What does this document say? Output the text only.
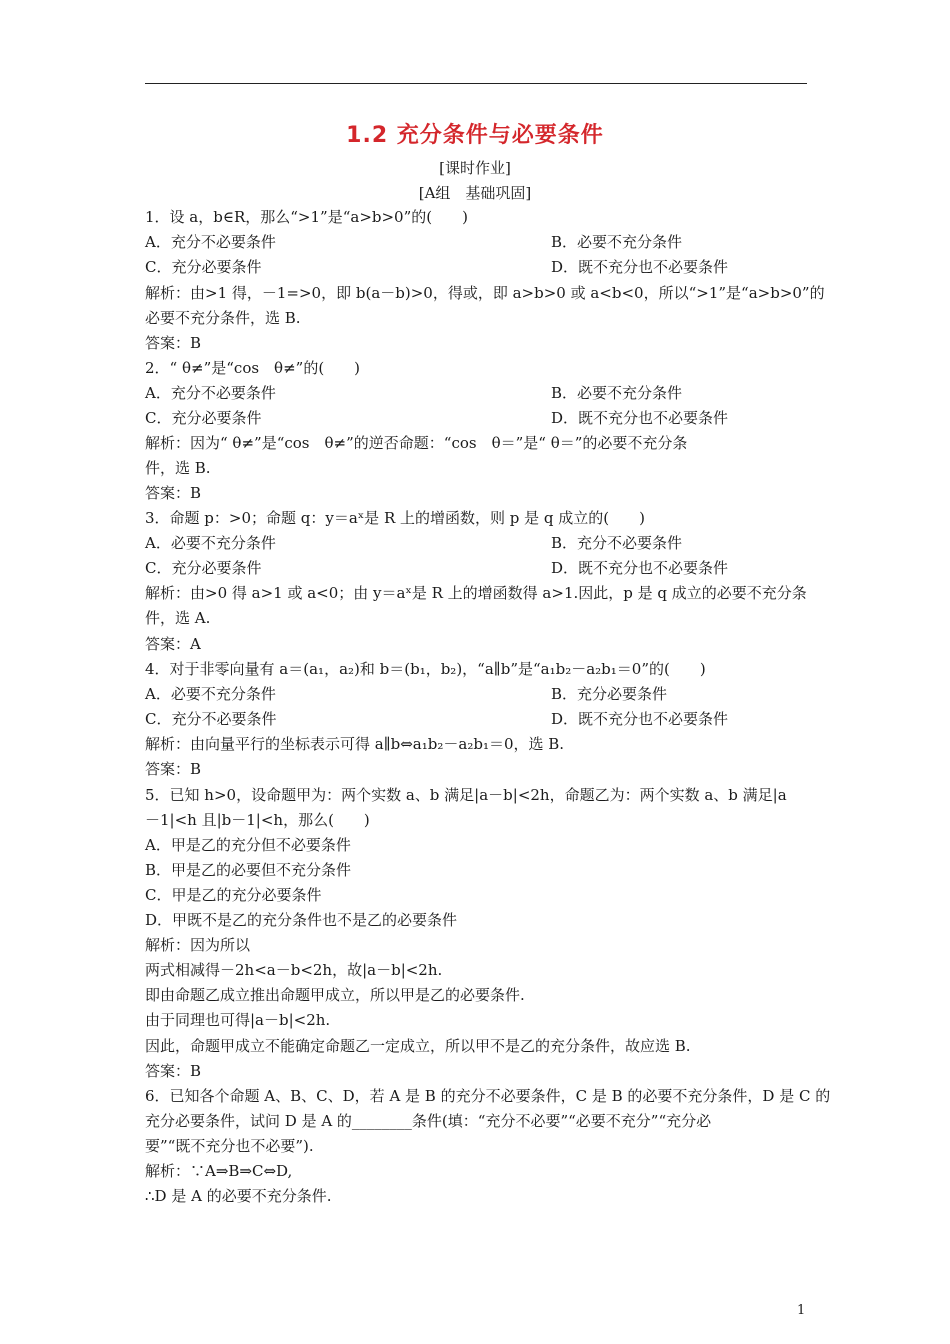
1.2 充分条件与必要条件
[课时作业]
[A组　基础巩固]
1．设 a，b∈R，那么“>1”是“a>b>0”的(　　)
A．充分不必要条件	B．必要不充分条件
C．充分必要条件	D．既不充分也不必要条件
解析：由>1 得，－1=>0，即 b(a－b)>0，得或，即 a>b>0 或 a<b<0，所以“>1”是“a>b>0”的
必要不充分条件，选 B.
答案：B
2．“ θ≠”是“cos　θ≠”的(　　)
A．充分不必要条件	B．必要不充分条件
C．充分必要条件	D．既不充分也不必要条件
解析：因为“ θ≠”是“cos　θ≠”的逆否命题：“cos　θ＝”是“ θ＝”的必要不充分条
件，选 B.
答案：B
3．命题 p：>0；命题 q：y＝aˣ是 R 上的增函数，则 p 是 q 成立的(　　)
A．必要不充分条件	B．充分不必要条件
C．充分必要条件	D．既不充分也不必要条件
解析：由>0 得 a>1 或 a<0；由 y＝aˣ是 R 上的增函数得 a>1.因此，p 是 q 成立的必要不充分条
件，选 A.
答案：A
4．对于非零向量有 a＝(a₁，a₂)和 b＝(b₁，b₂)，“a∥b”是“a₁b₂－a₂b₁＝0”的(　　)
A．必要不充分条件	B．充分必要条件
C．充分不必要条件	D．既不充分也不必要条件
解析：由向量平行的坐标表示可得 a∥b⇔a₁b₂－a₂b₁＝0，选 B.
答案：B
5．已知 h>0，设命题甲为：两个实数 a、b 满足|a－b|<2h，命题乙为：两个实数 a、b 满足|a
－1|<h 且|b－1|<h，那么(　　)
A．甲是乙的充分但不必要条件
B．甲是乙的必要但不充分条件
C．甲是乙的充分必要条件
D．甲既不是乙的充分条件也不是乙的必要条件
解析：因为所以
两式相减得－2h<a－b<2h，故|a－b|<2h.
即由命题乙成立推出命题甲成立，所以甲是乙的必要条件.
由于同理也可得|a－b|<2h.
因此，命题甲成立不能确定命题乙一定成立，所以甲不是乙的充分条件，故应选 B.
答案：B
6．已知各个命题 A、B、C、D，若 A 是 B 的充分不必要条件，C 是 B 的必要不充分条件，D 是 C 的
充分必要条件，试问 D 是 A 的________条件(填：“充分不必要”“必要不充分”“充分必
要”“既不充分也不必要”).
解析：∵A⇒B⇒C⇔D,
∴D 是 A 的必要不充分条件.
1
